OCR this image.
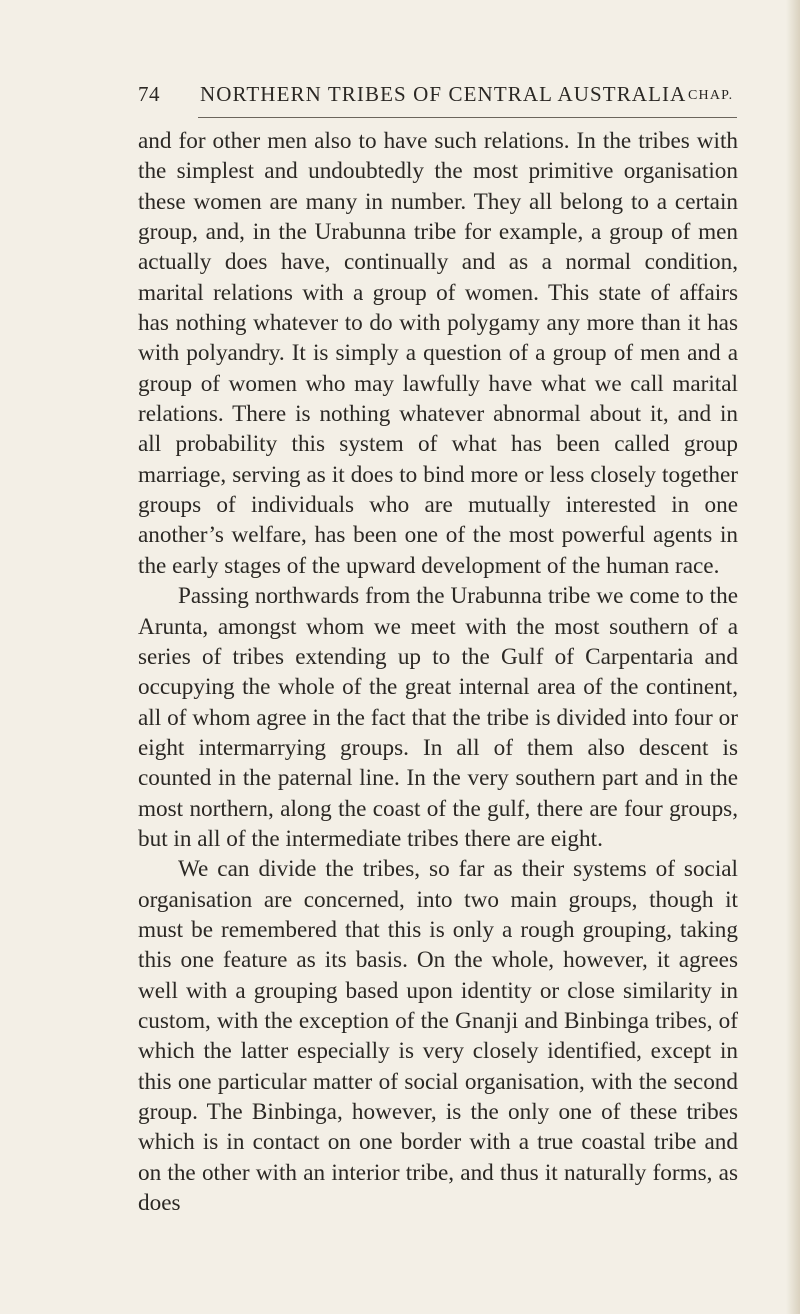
74 NORTHERN TRIBES OF CENTRAL AUSTRALIA CHAP.

and for other men also to have such relations. In the tribes with the simplest and undoubtedly the most primitive organisation these women are many in number. They all belong to a certain group, and, in the Urabunna tribe for example, a group of men actually does have, continually and as a normal condition, marital relations with a group of women. This state of affairs has nothing whatever to do with polygamy any more than it has with polyandry. It is simply a question of a group of men and a group of women who may lawfully have what we call marital relations. There is nothing whatever abnormal about it, and in all probability this system of what has been called group marriage, serving as it does to bind more or less closely together groups of individuals who are mutually interested in one another’s welfare, has been one of the most powerful agents in the early stages of the upward development of the human race.

Passing northwards from the Urabunna tribe we come to the Arunta, amongst whom we meet with the most southern of a series of tribes extending up to the Gulf of Carpentaria and occupying the whole of the great internal area of the continent, all of whom agree in the fact that the tribe is divided into four or eight intermarrying groups. In all of them also descent is counted in the paternal line. In the very southern part and in the most northern, along the coast of the gulf, there are four groups, but in all of the intermediate tribes there are eight.

We can divide the tribes, so far as their systems of social organisation are concerned, into two main groups, though it must be remembered that this is only a rough grouping, taking this one feature as its basis. On the whole, however, it agrees well with a grouping based upon identity or close similarity in custom, with the exception of the Gnanji and Binbinga tribes, of which the latter especially is very closely identified, except in this one particular matter of social organisation, with the second group. The Binbinga, however, is the only one of these tribes which is in contact on one border with a true coastal tribe and on the other with an interior tribe, and thus it naturally forms, as does
